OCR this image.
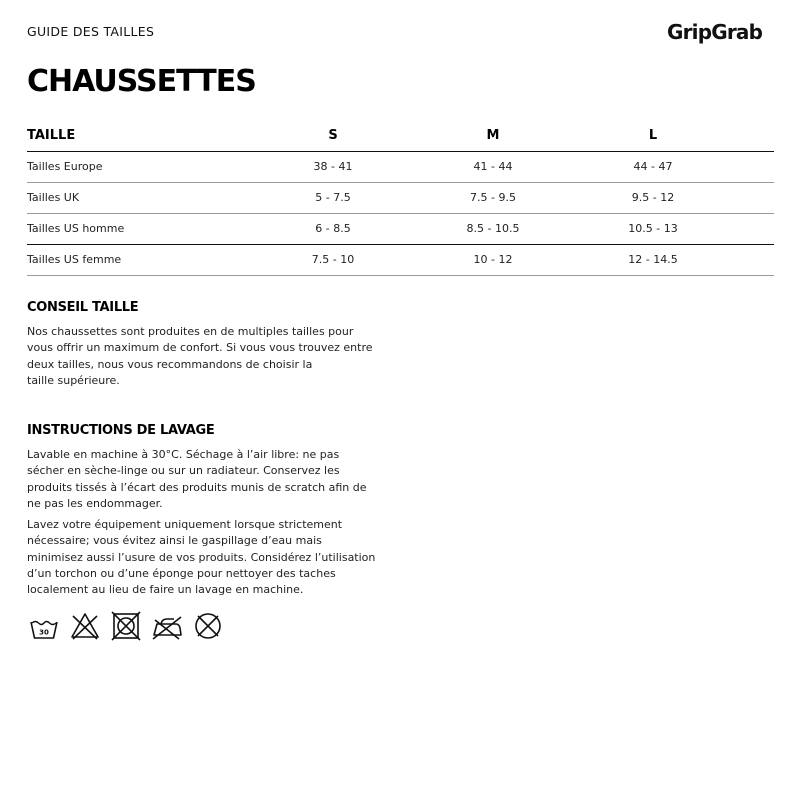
GUIDE DES TAILLES	GripGrab
CHAUSSETTES
TAILLE	S	M	L	
Tailles Europe	38 - 41	41 - 44	44 - 47	
Tailles UK	5 - 7.5	7.5 - 9.5	9.5 - 12	
Tailles US homme	6 - 8.5	8.5 - 10.5	10.5 - 13	
Tailles US femme	7.5 - 10	10 - 12	12 - 14.5	
CONSEIL TAILLE
Nos chaussettes sont produites en de multiples tailles pour
vous offrir un maximum de confort. Si vous vous trouvez entre
deux tailles, nous vous recommandons de choisir la
taille supérieure.
INSTRUCTIONS DE LAVAGE
Lavable en machine à 30°C. Séchage à l’air libre: ne pas
sécher en sèche-linge ou sur un radiateur. Conservez les
produits tissés à l’écart des produits munis de scratch afin de
ne pas les endommager.
Lavez votre équipement uniquement lorsque strictement
nécessaire; vous évitez ainsi le gaspillage d’eau mais
minimisez aussi l’usure de vos produits. Considérez l’utilisation
d’un torchon ou d’une éponge pour nettoyer des taches
localement au lieu de faire un lavage en machine.
30
